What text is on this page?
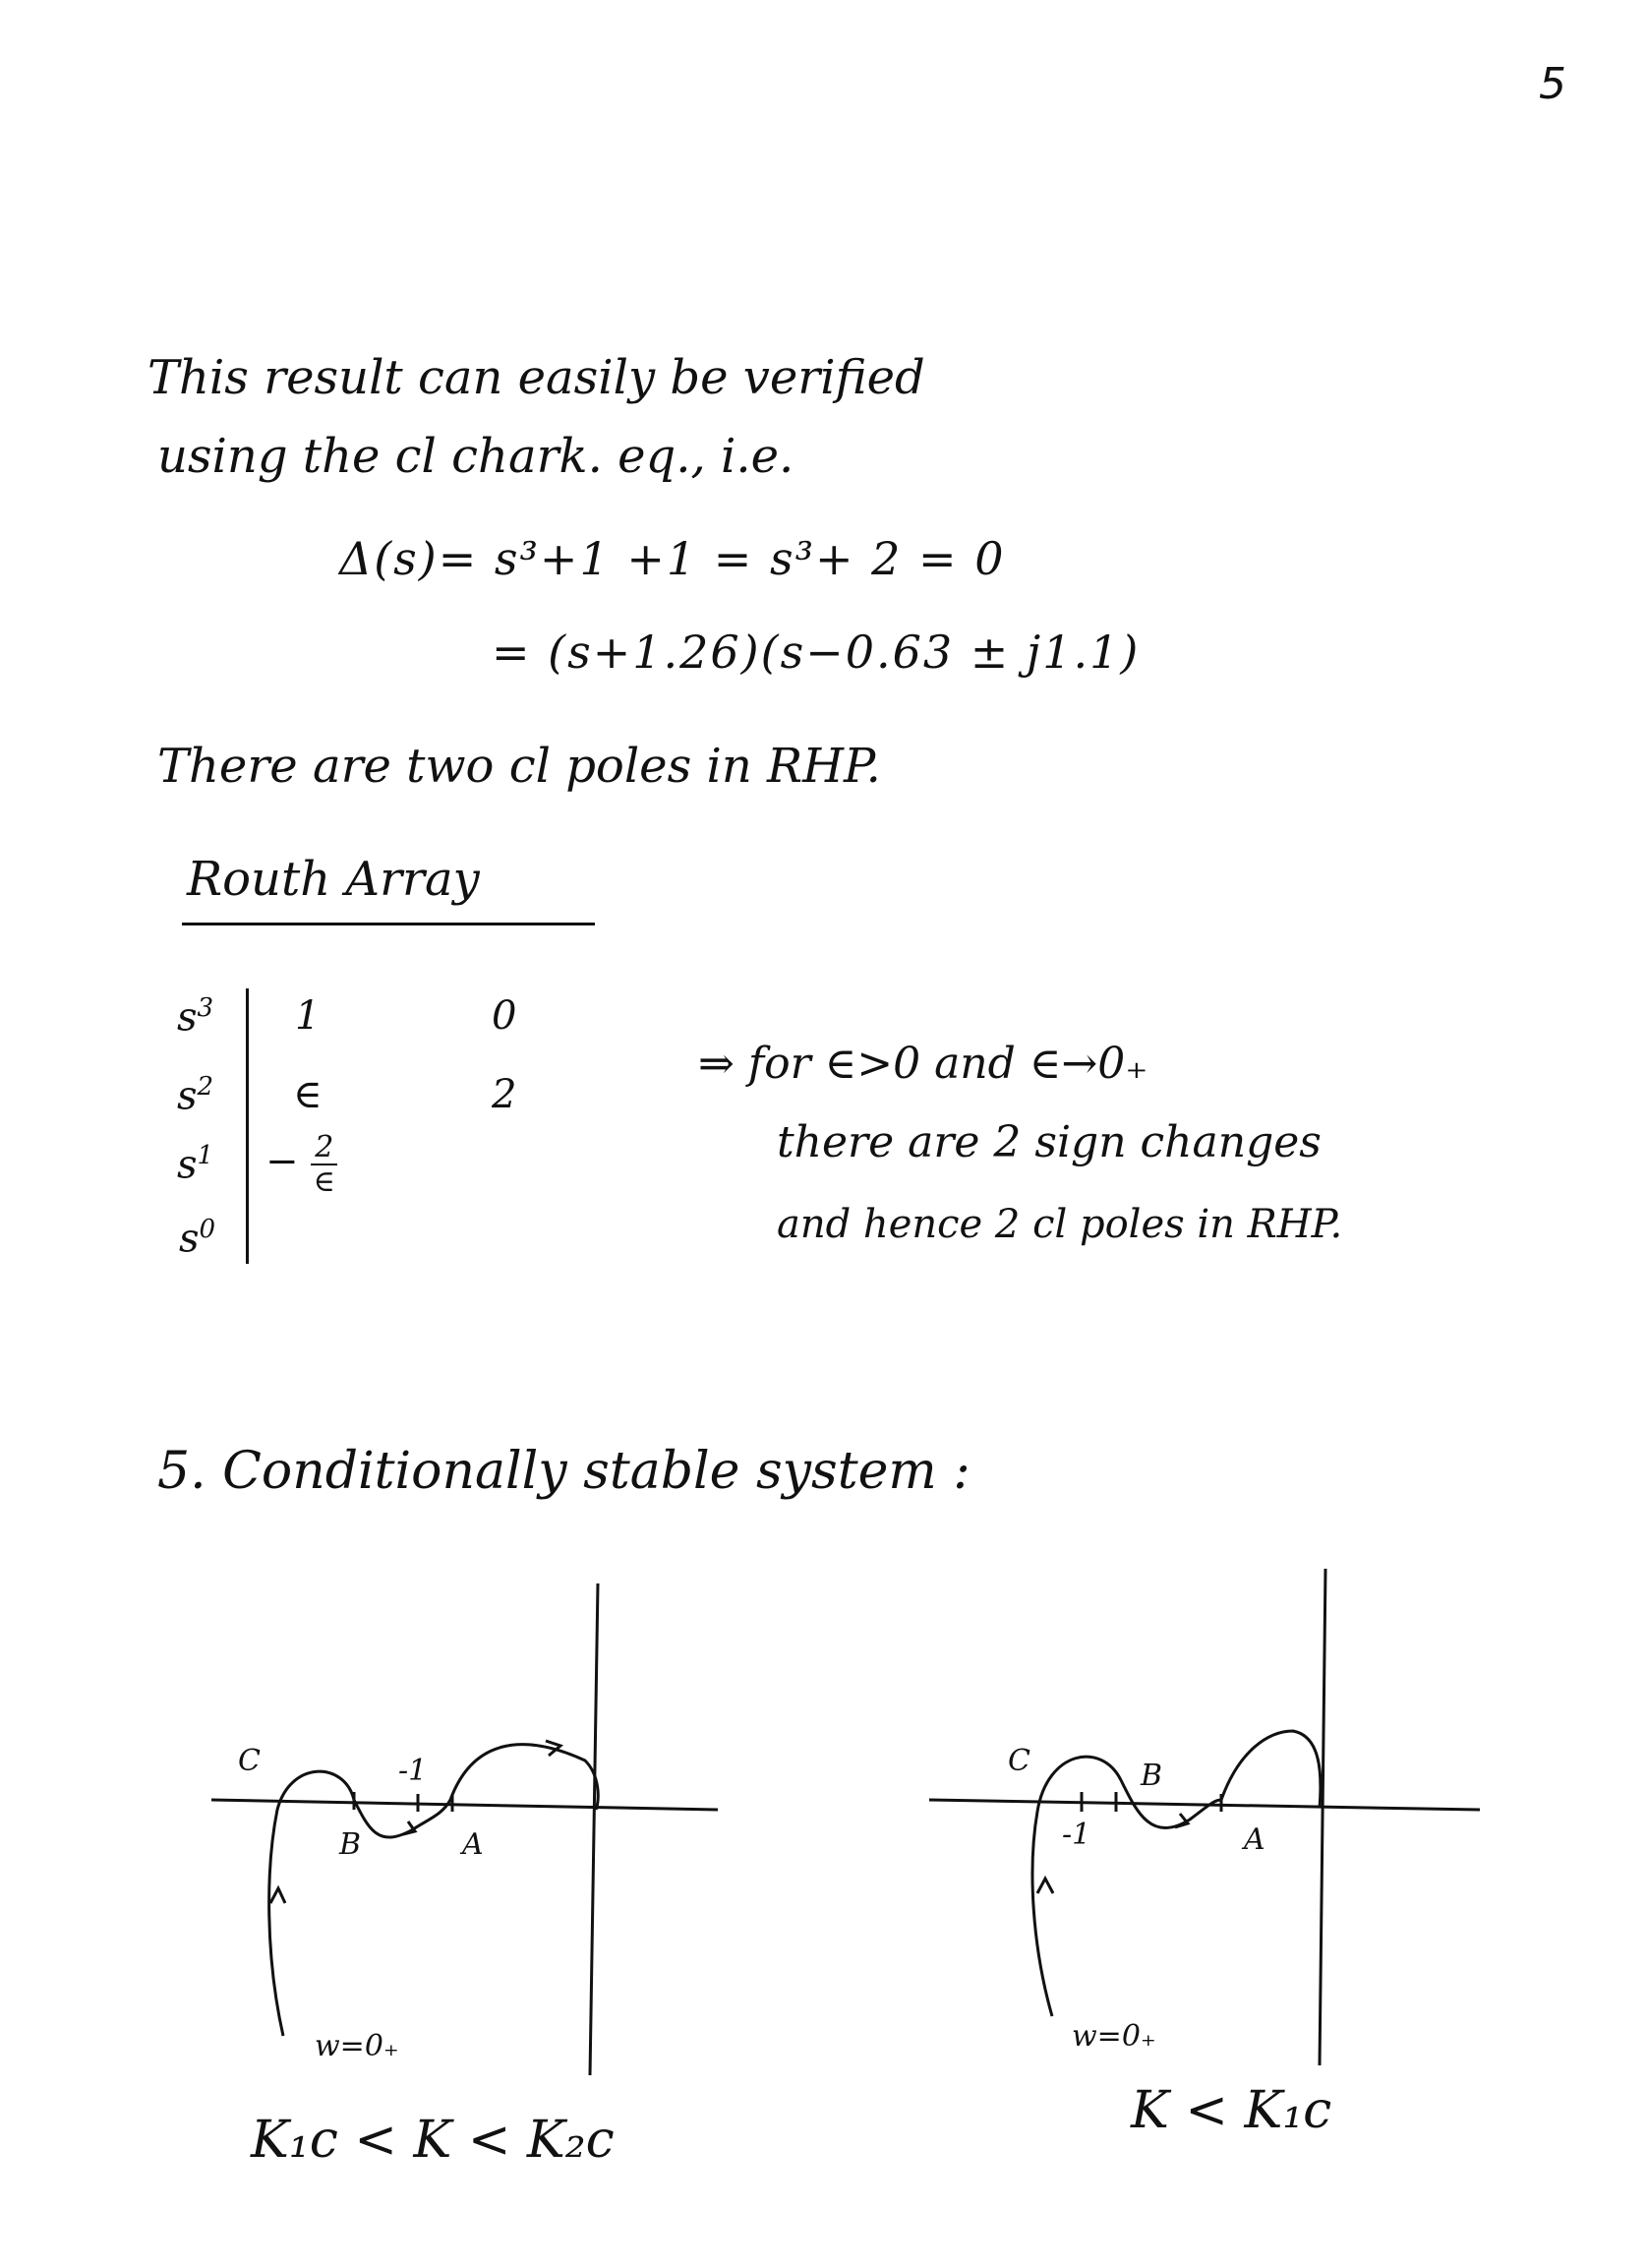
5
This result can easily be verified
using the cl chark. eq., i.e.
Δ(s)= s³+1 +1 = s³+ 2 = 0
= (s+1.26)(s−0.63 ± j1.1)
There are two cl poles in RHP.
Routh Array
$s^3$ 1	0
$s^2$ ∈	2
$s^1 - \frac{2}{\in}$
$s^0$
⇒ for ∈>0 and ∈→0₊
there are 2 sign changes
and hence 2 cl poles in RHP.
5. Conditionally stable system :
C
B	A
-1
w=0₊
K₁c < K < K₂c
C	B
A
-1
w=0₊
K < K₁c
